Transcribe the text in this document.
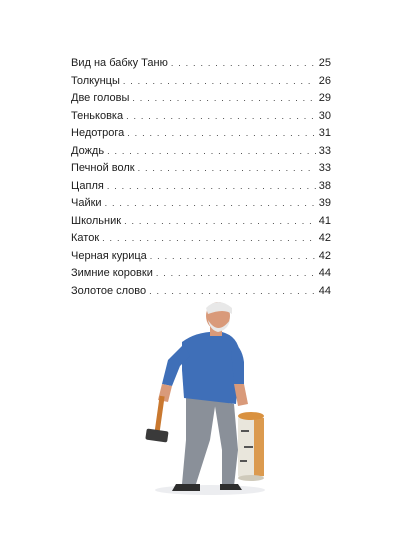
Вид на бабку Таню . . .	25
Толкунцы . . .	26
Две головы . . .	29
Теньковка . . .	30
Недотрога . . .	31
Дождь . . .	33
Печной волк . . .	33
Цапля . . .	38
Чайки . . .	39
Школьник . . .	41
Каток . . .	42
Черная курица . . .	42
Зимние коровки . . .	44
Золотое слово . . .	44
